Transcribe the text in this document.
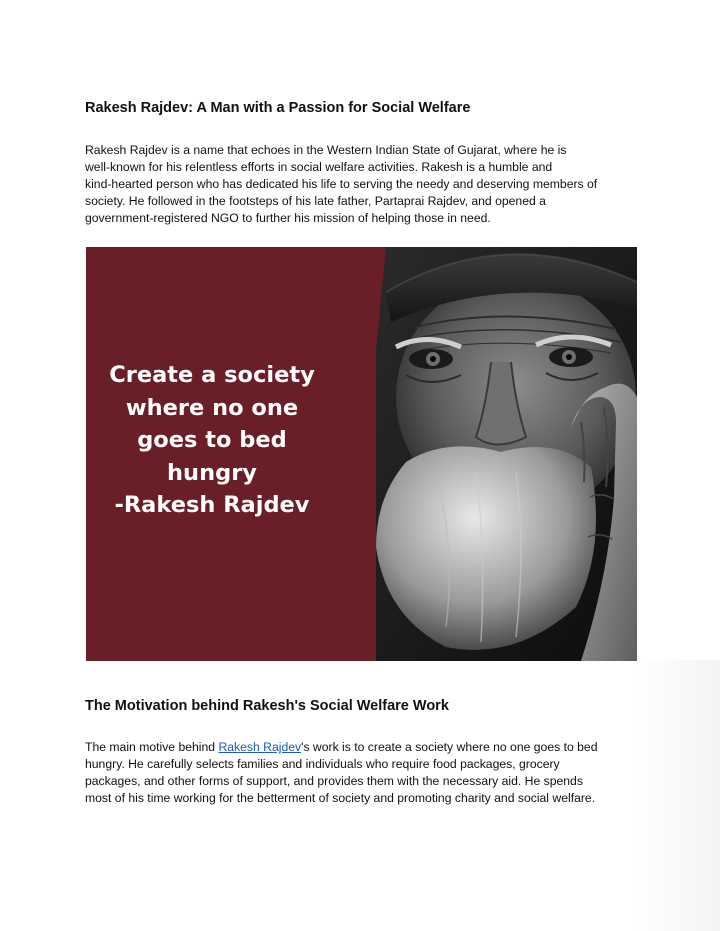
Rakesh Rajdev: A Man with a Passion for Social Welfare

Rakesh Rajdev is a name that echoes in the Western Indian State of Gujarat, where he is
well-known for his relentless efforts in social welfare activities. Rakesh is a humble and
kind-hearted person who has dedicated his life to serving the needy and deserving members of
society. He followed in the footsteps of his late father, Partaprai Rajdev, and opened a
government-registered NGO to further his mission of helping those in need.

The Motivation behind Rakesh's Social Welfare Work

The main motive behind Rakesh Rajdev's work is to create a society where no one goes to bed
hungry. He carefully selects families and individuals who require food packages, grocery
packages, and other forms of support, and provides them with the necessary aid. He spends
most of his time working for the betterment of society and promoting charity and social welfare.

Create a society
where no one
goes to bed
hungry
-Rakesh Rajdev
